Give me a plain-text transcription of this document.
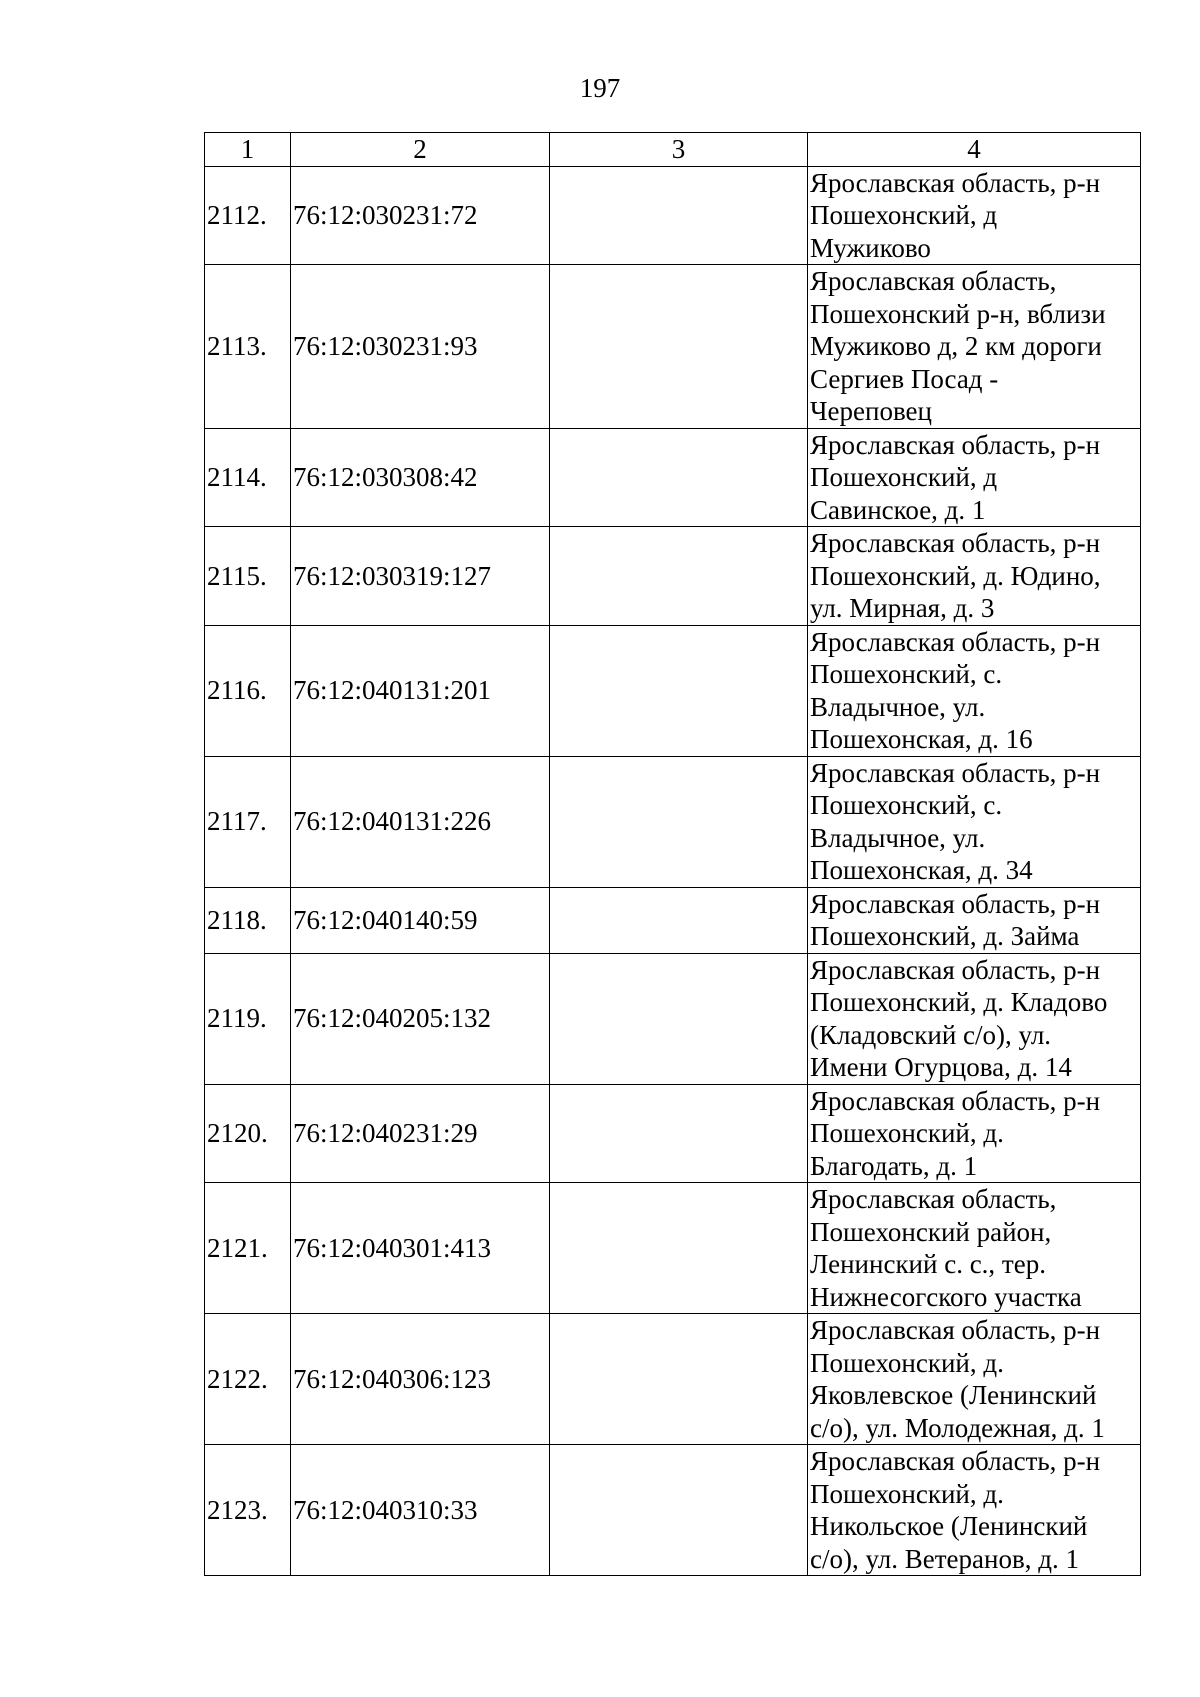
197
1	2	3	4
2112.	76:12:030231:72		Ярославская область, р-н
Пошехонский, д
Мужиково
2113.	76:12:030231:93		Ярославская область,
Пошехонский р-н, вблизи
Мужиково д, 2 км дороги
Сергиев Посад -
Череповец
2114.	76:12:030308:42		Ярославская область, р-н
Пошехонский, д
Савинское, д. 1
2115.	76:12:030319:127		Ярославская область, р-н
Пошехонский, д. Юдино,
ул. Мирная, д. 3
2116.	76:12:040131:201		Ярославская область, р-н
Пошехонский, с.
Владычное, ул.
Пошехонская, д. 16
2117.	76:12:040131:226		Ярославская область, р-н
Пошехонский, с.
Владычное, ул.
Пошехонская, д. 34
2118.	76:12:040140:59		Ярославская область, р-н
Пошехонский, д. Займа
2119.	76:12:040205:132		Ярославская область, р-н
Пошехонский, д. Кладово
(Кладовский с/о), ул.
Имени Огурцова, д. 14
2120.	76:12:040231:29		Ярославская область, р-н
Пошехонский, д.
Благодать, д. 1
2121.	76:12:040301:413		Ярославская область,
Пошехонский район,
Ленинский с. с., тер.
Нижнесогского участка
2122.	76:12:040306:123		Ярославская область, р-н
Пошехонский, д.
Яковлевское (Ленинский
с/о), ул. Молодежная, д. 1
2123.	76:12:040310:33		Ярославская область, р-н
Пошехонский, д.
Никольское (Ленинский
с/о), ул. Ветеранов, д. 1
